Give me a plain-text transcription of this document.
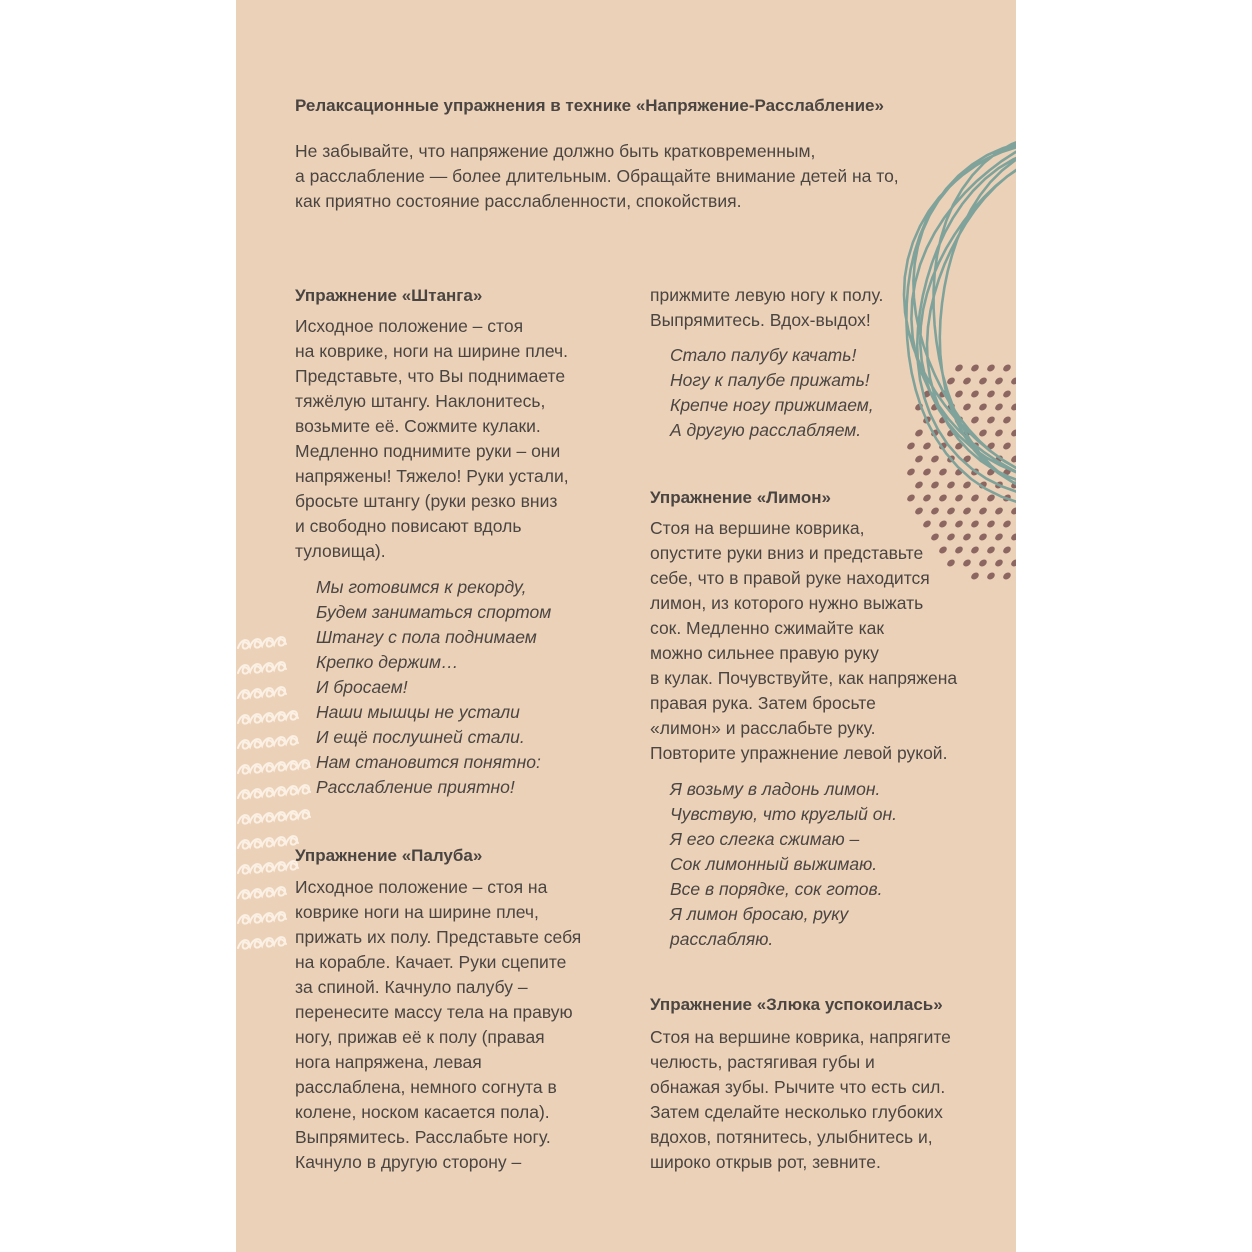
Релаксационные упражнения в технике «Напряжение-Расслабление»

Не забывайте, что напряжение должно быть кратковременным,
а расслабление — более длительным. Обращайте внимание детей на то,
как приятно состояние расслабленности, спокойствия.

Упражнение «Штанга»

Исходное положение – стоя
на коврике, ноги на ширине плеч.
Представьте, что Вы поднимаете
тяжёлую штангу. Наклонитесь,
возьмите её. Сожмите кулаки.
Медленно поднимите руки – они
напряжены! Тяжело! Руки устали,
бросьте штангу (руки резко вниз
и свободно повисают вдоль
туловища).

Мы готовимся к рекорду,
Будем заниматься спортом
Штангу с пола поднимаем
Крепко держим…
И бросаем!
Наши мышцы не устали
И ещё послушней стали.
Нам становится понятно:
Расслабление приятно!

Упражнение «Палуба»

Исходное положение – стоя на
коврике ноги на ширине плеч,
прижать их полу. Представьте себя
на корабле. Качает. Руки сцепите
за спиной. Качнуло палубу –
перенесите массу тела на правую
ногу, прижав её к полу (правая
нога напряжена, левая
расслаблена, немного согнута в
колене, носком касается пола).
Выпрямитесь. Расслабьте ногу.
Качнуло в другую сторону –

прижмите левую ногу к полу.
Выпрямитесь. Вдох-выдох!

Стало палубу качать!
Ногу к палубе прижать!
Крепче ногу прижимаем,
А другую расслабляем.

Упражнение «Лимон»

Стоя на вершине коврика,
опустите руки вниз и представьте
себе, что в правой руке находится
лимон, из которого нужно выжать
сок. Медленно сжимайте как
можно сильнее правую руку
в кулак. Почувствуйте, как напряжена
правая рука. Затем бросьте
«лимон» и расслабьте руку.
Повторите упражнение левой рукой.

Я возьму в ладонь лимон.
Чувствую, что круглый он.
Я его слегка сжимаю –
Сок лимонный выжимаю.
Все в порядке, сок готов.
Я лимон бросаю, руку
расслабляю.

Упражнение «Злюка успокоилась»

Стоя на вершине коврика, напрягите
челюсть, растягивая губы и
обнажая зубы. Рычите что есть сил.
Затем сделайте несколько глубоких
вдохов, потянитесь, улыбнитесь и,
широко открыв рот, зевните.
